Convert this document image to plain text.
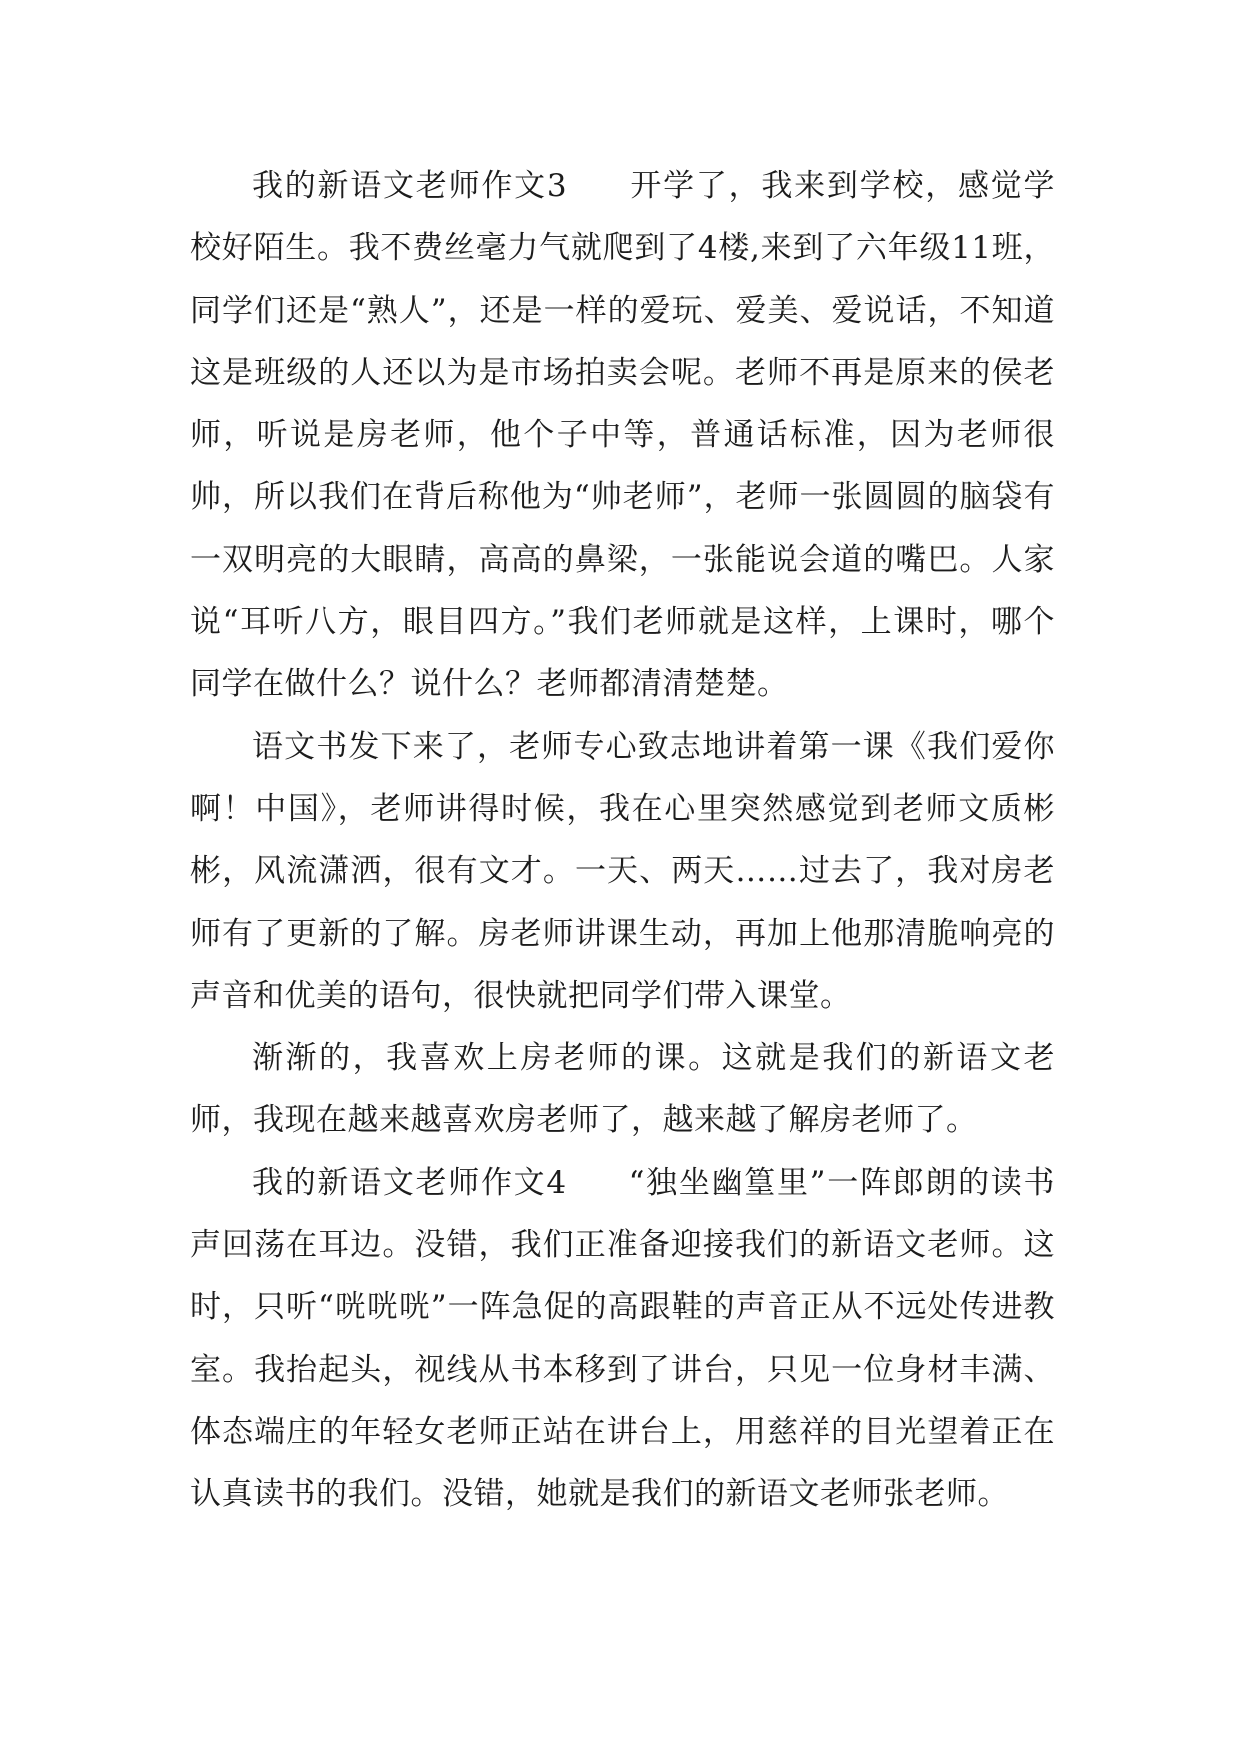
我的新语文老师作文3 开学了，我来到学校，感觉学校好陌生。我不费丝毫力气就爬到了4楼,来到了六年级11班，同学们还是“熟人”，还是一样的爱玩、爱美、爱说话，不知道这是班级的人还以为是市场拍卖会呢。老师不再是原来的侯老师，听说是房老师，他个子中等，普通话标准，因为老师很帅，所以我们在背后称他为“帅老师”，老师一张圆圆的脑袋有一双明亮的大眼睛，高高的鼻梁，一张能说会道的嘴巴。人家说“耳听八方，眼目四方。”我们老师就是这样，上课时，哪个同学在做什么？说什么？老师都清清楚楚。

语文书发下来了，老师专心致志地讲着第一课《我们爱你啊！中国》，老师讲得时候，我在心里突然感觉到老师文质彬彬，风流潇洒，很有文才。一天、两天……过去了，我对房老师有了更新的了解。房老师讲课生动，再加上他那清脆响亮的声音和优美的语句，很快就把同学们带入课堂。

渐渐的，我喜欢上房老师的课。这就是我们的新语文老师，我现在越来越喜欢房老师了，越来越了解房老师了。

我的新语文老师作文4 “独坐幽篁里”一阵郎朗的读书声回荡在耳边。没错，我们正准备迎接我们的新语文老师。这时，只听“咣咣咣”一阵急促的高跟鞋的声音正从不远处传进教室。我抬起头，视线从书本移到了讲台，只见一位身材丰满、体态端庄的年轻女老师正站在讲台上，用慈祥的目光望着正在认真读书的我们。没错，她就是我们的新语文老师张老师。
